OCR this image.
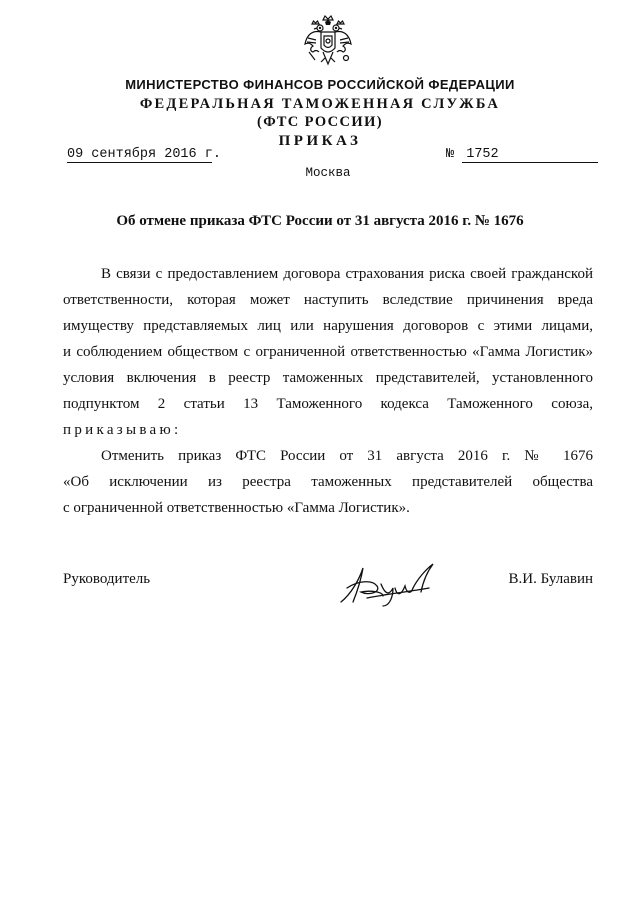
МИНИСТЕРСТВО ФИНАНСОВ РОССИЙСКОЙ ФЕДЕРАЦИИ
ФЕДЕРАЛЬНАЯ ТАМОЖЕННАЯ СЛУЖБА
(ФТС РОССИИ)
ПРИКАЗ
09 сентября 2016 г.	№ 1752
Москва
Об отмене приказа ФТС России от 31 августа 2016 г. № 1676
В связи с предоставлением договора страхования риска своей гражданской
ответственности, которая может наступить вследствие причинения вреда
имуществу представляемых лиц или нарушения договоров с этими лицами,
и соблюдением обществом с ограниченной ответственностью «Гамма Логистик»
условия включения в реестр таможенных представителей, установленного
подпунктом 2 статьи 13 Таможенного кодекса Таможенного союза,
приказываю:
Отменить приказ ФТС России от 31 августа 2016 г. № 1676
«Об исключении из реестра таможенных представителей общества
с ограниченной ответственностью «Гамма Логистик».
Руководитель	В.И. Булавин
